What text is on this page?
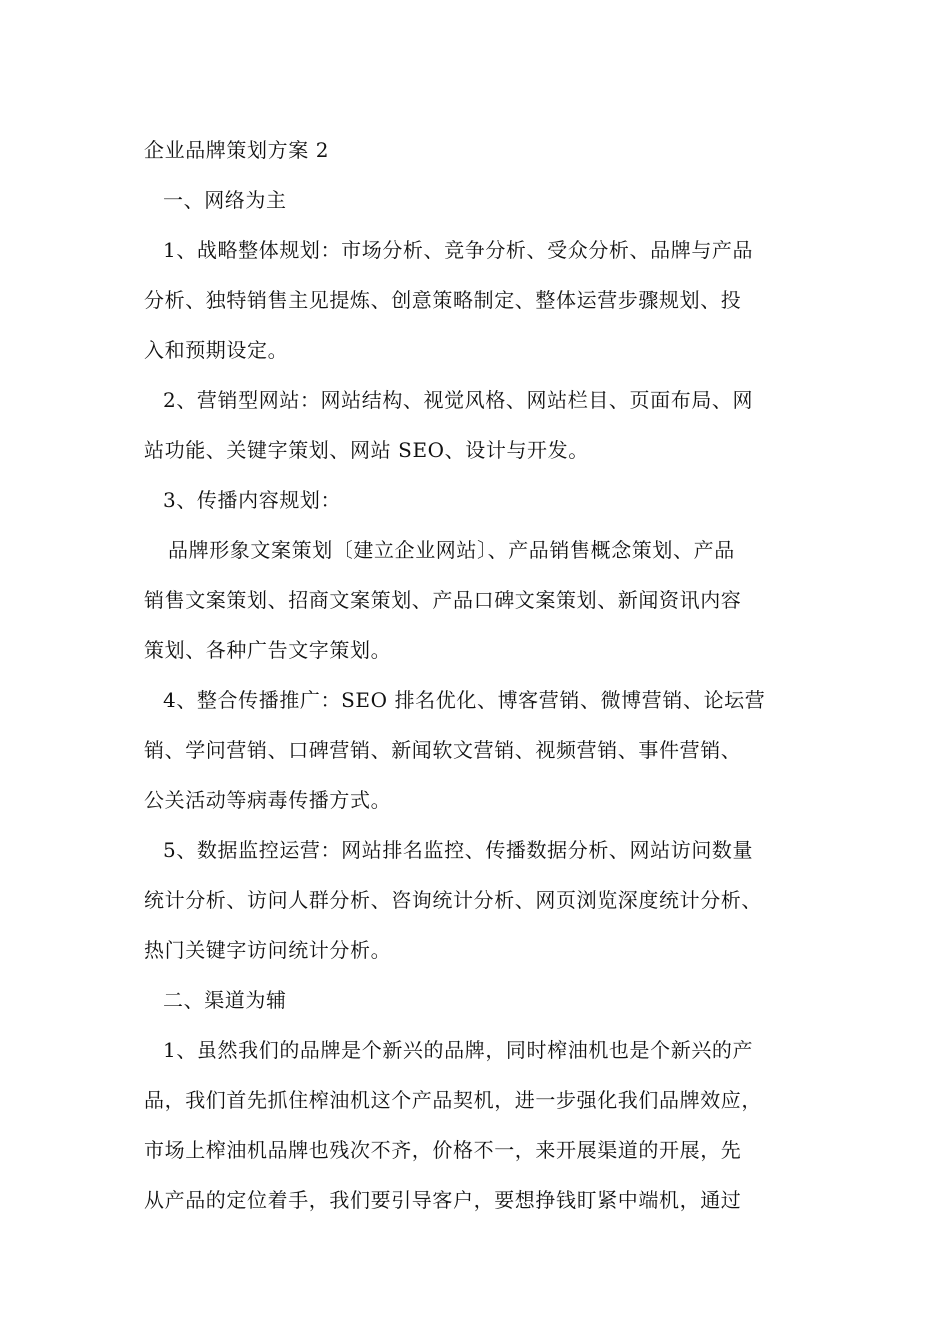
企业品牌策划方案 2
一、网络为主
1、战略整体规划：市场分析、竞争分析、受众分析、品牌与产品
分析、独特销售主见提炼、创意策略制定、整体运营步骤规划、投
入和预期设定。
2、营销型网站：网站结构、视觉风格、网站栏目、页面布局、网
站功能、关键字策划、网站 SEO、设计与开发。
3、传播内容规划：
品牌形象文案策划〔建立企业网站〕、产品销售概念策划、产品
销售文案策划、招商文案策划、产品口碑文案策划、新闻资讯内容
策划、各种广告文字策划。
4、整合传播推广：SEO 排名优化、博客营销、微博营销、论坛营
销、学问营销、口碑营销、新闻软文营销、视频营销、事件营销、
公关活动等病毒传播方式。
5、数据监控运营：网站排名监控、传播数据分析、网站访问数量
统计分析、访问人群分析、咨询统计分析、网页浏览深度统计分析、
热门关键字访问统计分析。
二、渠道为辅
1、虽然我们的品牌是个新兴的品牌，同时榨油机也是个新兴的产
品，我们首先抓住榨油机这个产品契机，进一步强化我们品牌效应，
市场上榨油机品牌也残次不齐，价格不一，来开展渠道的开展，先
从产品的定位着手，我们要引导客户，要想挣钱盯紧中端机，通过
